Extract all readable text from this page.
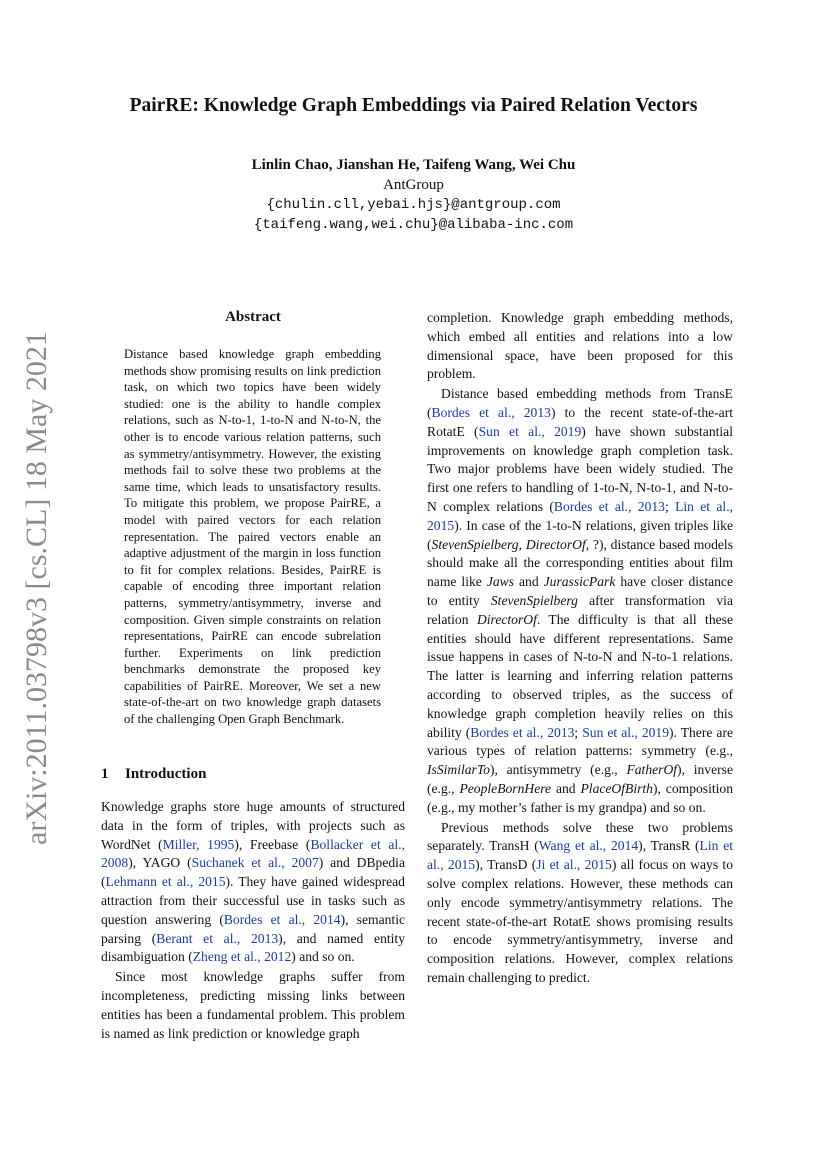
PairRE: Knowledge Graph Embeddings via Paired Relation Vectors
Linlin Chao, Jianshan He, Taifeng Wang, Wei Chu
AntGroup
{chulin.cll,yebai.hjs}@antgroup.com
{taifeng.wang,wei.chu}@alibaba-inc.com
arXiv:2011.03798v3 [cs.CL] 18 May 2021
Abstract
Distance based knowledge graph embedding methods show promising results on link prediction task, on which two topics have been widely studied: one is the ability to handle complex relations, such as N-to-1, 1-to-N and N-to-N, the other is to encode various relation patterns, such as symmetry/antisymmetry. However, the existing methods fail to solve these two problems at the same time, which leads to unsatisfactory results. To mitigate this problem, we propose PairRE, a model with paired vectors for each relation representation. The paired vectors enable an adaptive adjustment of the margin in loss function to fit for complex relations. Besides, PairRE is capable of encoding three important relation patterns, symmetry/antisymmetry, inverse and composition. Given simple constraints on relation representations, PairRE can encode subrelation further. Experiments on link prediction benchmarks demonstrate the proposed key capabilities of PairRE. Moreover, We set a new state-of-the-art on two knowledge graph datasets of the challenging Open Graph Benchmark.
1 Introduction

Knowledge graphs store huge amounts of structured data in the form of triples, with projects such as WordNet (Miller, 1995), Freebase (Bollacker et al., 2008), YAGO (Suchanek et al., 2007) and DBpedia (Lehmann et al., 2015). They have gained widespread attraction from their successful use in tasks such as question answering (Bordes et al., 2014), semantic parsing (Berant et al., 2013), and named entity disambiguation (Zheng et al., 2012) and so on.

Since most knowledge graphs suffer from incompleteness, predicting missing links between entities has been a fundamental problem. This problem is named as link prediction or knowledge graph

completion. Knowledge graph embedding methods, which embed all entities and relations into a low dimensional space, have been proposed for this problem.

Distance based embedding methods from TransE (Bordes et al., 2013) to the recent state-of-the-art RotatE (Sun et al., 2019) have shown substantial improvements on knowledge graph completion task. Two major problems have been widely studied. The first one refers to handling of 1-to-N, N-to-1, and N-to-N complex relations (Bordes et al., 2013; Lin et al., 2015). In case of the 1-to-N relations, given triples like (StevenSpielberg, DirectorOf, ?), distance based models should make all the corresponding entities about film name like Jaws and JurassicPark have closer distance to entity StevenSpielberg after transformation via relation DirectorOf. The difficulty is that all these entities should have different representations. Same issue happens in cases of N-to-N and N-to-1 relations. The latter is learning and inferring relation patterns according to observed triples, as the success of knowledge graph completion heavily relies on this ability (Bordes et al., 2013; Sun et al., 2019). There are various types of relation patterns: symmetry (e.g., IsSimilarTo), antisymmetry (e.g., FatherOf), inverse (e.g., PeopleBornHere and PlaceOfBirth), composition (e.g., my mother’s father is my grandpa) and so on.

Previous methods solve these two problems separately. TransH (Wang et al., 2014), TransR (Lin et al., 2015), TransD (Ji et al., 2015) all focus on ways to solve complex relations. However, these methods can only encode symmetry/antisymmetry relations. The recent state-of-the-art RotatE shows promising results to encode symmetry/antisymmetry, inverse and composition relations. However, complex relations remain challenging to predict.
